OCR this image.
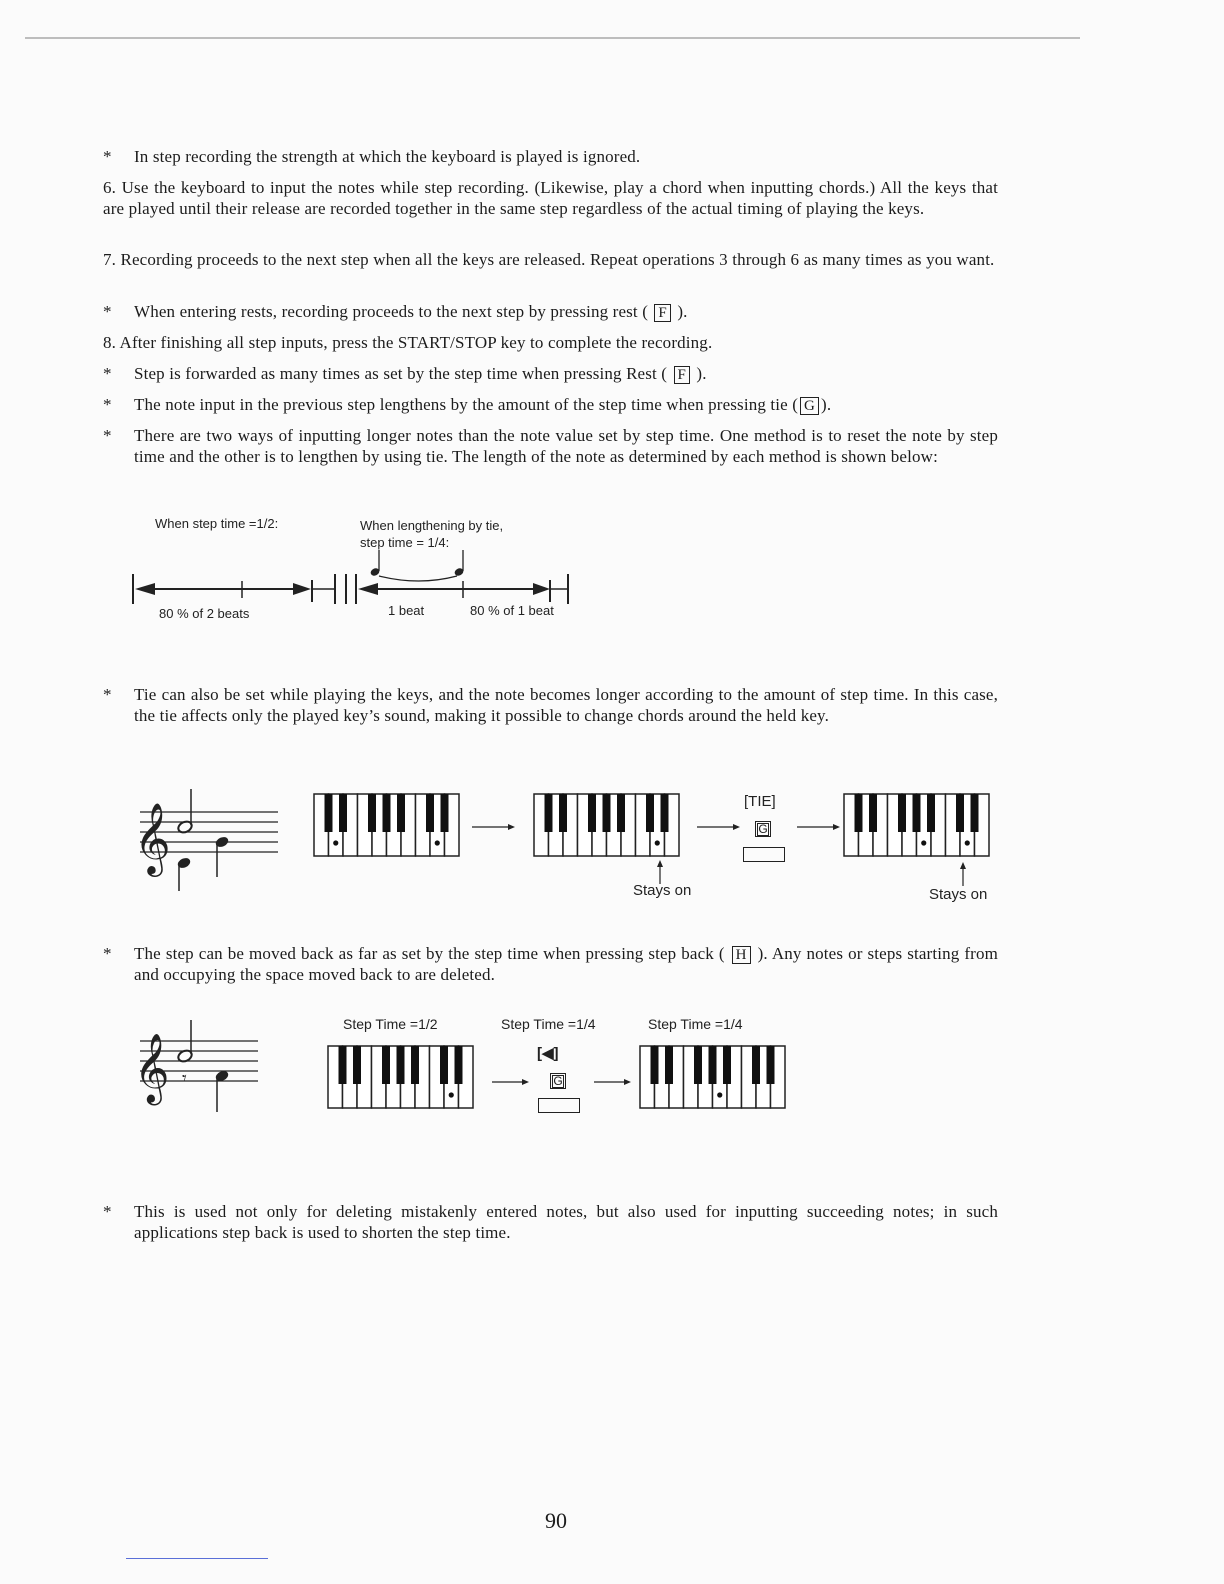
*	In step recording the strength at which the keyboard is played is ignored.
6. Use the keyboard to input the notes while step recording. (Likewise, play a chord when inputting chords.) All the keys that are played until their release are recorded together in the same step regardless of the actual timing of playing the keys.
7. Recording proceeds to the next step when all the keys are released. Repeat operations 3 through 6 as many times as you want.
*	When entering rests, recording proceeds to the next step by pressing rest ( F ).
8. After finishing all step inputs, press the START/STOP key to complete the recording.
*	Step is forwarded as many times as set by the step time when pressing Rest ( F ).
*	The note input in the previous step lengthens by the amount of the step time when pressing tie ( G ).
*	There are two ways of inputting longer notes than the note value set by step time. One method is to reset the note by step time and the other is to lengthen by using tie. The length of the note as determined by each method is shown below:
When step time =1/2:	When lengthening by tie,
step time = 1/4:
80 % of 2 beats	1 beat	80 % of 1 beat
*	Tie can also be set while playing the keys, and the note becomes longer according to the amount of step time. In this case, the tie affects only the played key’s sound, making it possible to change chords around the held key.
𝄞
Stays on
[TIE]
G
Stays on
*	The step can be moved back as far as set by the step time when pressing step back ( H ). Any notes or steps starting from and occupying the space moved back to are deleted.
𝄞 𝄾
Step Time =1/2	Step Time =1/4	Step Time =1/4
[◀]
G
*	This is used not only for deleting mistakenly entered notes, but also used for inputting succeeding notes; in such applications step back is used to shorten the step time.
90
